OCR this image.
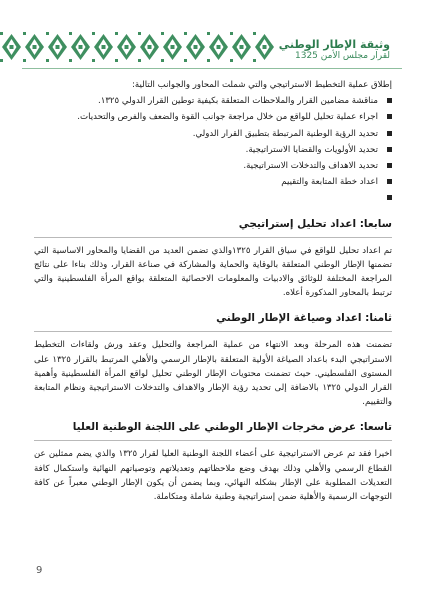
وثيقة الإطار الوطني
لقرار مجلس الأمن 1325

إطلاق عملية التخطيط الاستراتيجي والتي شملت المحاور والجوانب التالية:

مناقشة مضامين القرار والملاحظات المتعلقة بكيفية توطين القرار الدولي ١٣٢٥.
اجراء عملية تحليل للواقع من خلال مراجعة جوانب القوة والضعف والفرص والتحديات.
تحديد الرؤية الوطنية المرتبطة بتطبيق القرار الدولي.
تحديد الأولويات والقضايا الاستراتيجية.
تحديد الاهداف والتدخلات الاستراتيجية.
اعداد خطة المتابعة والتقييم
سابعا: اعداد تحليل إستراتيجي

تم اعداد تحليل للواقع في سياق القرار ١٣٢٥والذي تضمن العديد من القضايا والمحاور الاساسية التي تضمنها الإطار الوطني المتعلقة بالوقاية والحماية والمشاركة في صناعة القرار، وذلك بناءا على نتائج المراجعة المختلفة للوثائق والادبيات والمعلومات الاحصائية المتعلقة بواقع المرأة الفلسطينية والتي ترتبط بالمحاور المذكورة أعلاه.

ثامنا: اعداد وصياغة الإطار الوطني

تضمنت هذه المرحلة وبعد الانتهاء من عملية المراجعة والتحليل وعقد ورش ولقاءات التخطيط الاستراتيجي البدء باعداد الصياغة الأولية المتعلقة بالإطار الرسمي والأهلي المرتبط بالقرار ١٣٢٥ على المستوى الفلسطيني. حيث تضمنت محتويات الإطار الوطني تحليل لواقع المرأة الفلسطينية وأهمية القرار الدولي ١٣٢٥ بالاضافة إلى تحديد رؤية الإطار والاهداف والتدخلات الاستراتيجية ونظام المتابعة والتقييم.

تاسعا: عرض مخرجات الإطار الوطني على اللجنة الوطنية العليا

اخيرا فقد تم عرض الاستراتيجية على أعضاء اللجنة الوطنية العليا لقرار ١٣٢٥ والذي يضم ممثلين عن القطاع الرسمي والأهلي وذلك بهدف وضع ملاحظاتهم وتعديلاتهم وتوصياتهم النهائية واستكمال كافة التعديلات المطلوبة على الإطار بشكله النهائي، وبما يضمن أن يكون الإطار الوطني معبراً عن كافة التوجهات الرسمية والأهلية ضمن إستراتيجية وطنية شاملة ومتكاملة.

9
